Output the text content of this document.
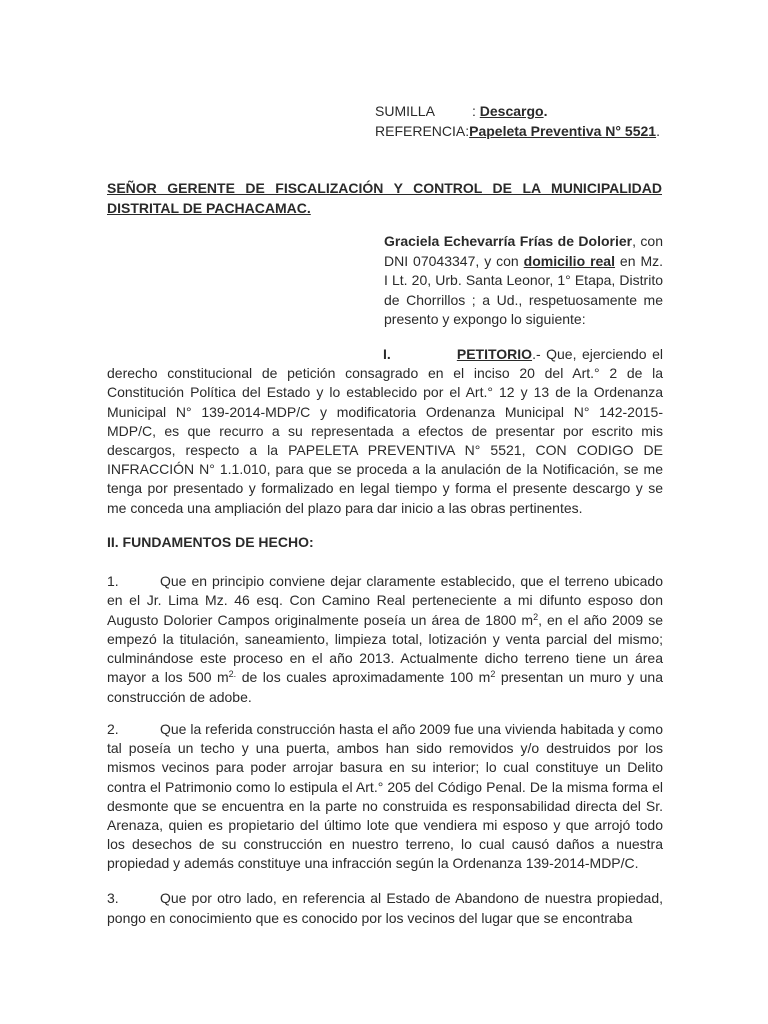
SUMILLA	: Descargo.
REFERENCIA:Papeleta Preventiva N° 5521.
SEÑOR GERENTE DE FISCALIZACIÓN Y CONTROL DE LA MUNICIPALIDAD DISTRITAL DE PACHACAMAC.
Graciela Echevarría Frías de Dolorier, con DNI 07043347, y con domicilio real en Mz. I Lt. 20, Urb. Santa Leonor, 1° Etapa, Distrito de Chorrillos ; a Ud., respetuosamente me presento y expongo lo siguiente:
I.	PETITORIO.- Que, ejerciendo el
derecho constitucional de petición consagrado en el inciso 20 del Art.° 2 de la Constitución Política del Estado y lo establecido por el Art.° 12 y 13 de la Ordenanza Municipal N° 139-2014-MDP/C y modificatoria Ordenanza Municipal N° 142-2015-MDP/C, es que recurro a su representada a efectos de presentar por escrito mis descargos, respecto a la PAPELETA PREVENTIVA N° 5521, CON CODIGO DE INFRACCIÓN N° 1.1.010, para que se proceda a la anulación de la Notificación, se me tenga por presentado y formalizado en legal tiempo y forma el presente descargo y se me conceda una ampliación del plazo para dar inicio a las obras pertinentes.
II. FUNDAMENTOS DE HECHO:
1.	Que en principio conviene dejar claramente establecido, que el terreno ubicado en el Jr. Lima Mz. 46 esq. Con Camino Real perteneciente a mi difunto esposo don Augusto Dolorier Campos originalmente poseía un área de 1800 $m^2$, en el año 2009 se empezó la titulación, saneamiento, limpieza total, lotización y venta parcial del mismo; culminándose este proceso en el año 2013. Actualmente dicho terreno tiene un área mayor a los 500 $m^{2.}$ de los cuales aproximadamente 100 $m^2$ presentan un muro y una construcción de adobe.
2.	Que la referida construcción hasta el año 2009 fue una vivienda habitada y como tal poseía un techo y una puerta, ambos han sido removidos y/o destruidos por los mismos vecinos para poder arrojar basura en su interior; lo cual constituye un Delito contra el Patrimonio como lo estipula el Art.° 205 del Código Penal. De la misma forma el desmonte que se encuentra en la parte no construida es responsabilidad directa del Sr. Arenaza, quien es propietario del último lote que vendiera mi esposo y que arrojó todo los desechos de su construcción en nuestro terreno, lo cual causó daños a nuestra propiedad y además constituye una infracción según la Ordenanza 139-2014-MDP/C.
3.	Que por otro lado, en referencia al Estado de Abandono de nuestra propiedad, pongo en conocimiento que es conocido por los vecinos del lugar que se encontraba
